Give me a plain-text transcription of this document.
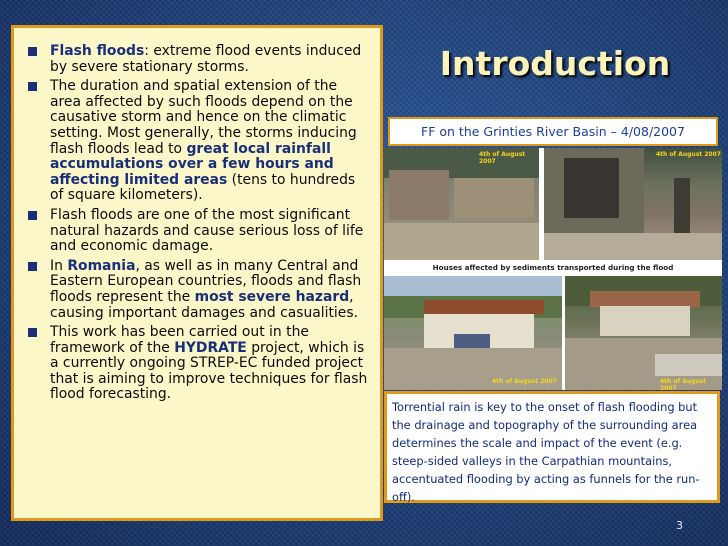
Flash floods: extreme flood events induced by severe stationary storms.
The duration and spatial extension of the area affected by such floods depend on the causative storm and hence on the climatic setting. Most generally, the storms inducing flash floods lead to great local rainfall accumulations over a few hours and affecting limited areas (tens to hundreds of square kilometers).
Flash floods are one of the most significant natural hazards and cause serious loss of life and economic damage.
In Romania, as well as in many Central and Eastern European countries, floods and flash floods represent the most severe hazard, causing important damages and casualities.
This work has been carried out in the framework of the HYDRATE project, which is a currently ongoing STREP-EC funded project that is aiming to improve techniques for flash flood forecasting.
Introduction
FF on the Grinties River Basin – 4/08/2007
4th of August 2007
4th of August 2007
Houses affected by sediments transported during the flood
4th of August 2007	4th of August 2007
Torrential rain is key to the onset of flash flooding but the drainage and topography of the surrounding area determines the scale and impact of the event (e.g. steep-sided valleys in the Carpathian mountains, accentuated flooding by acting as funnels for the run-off).
3
